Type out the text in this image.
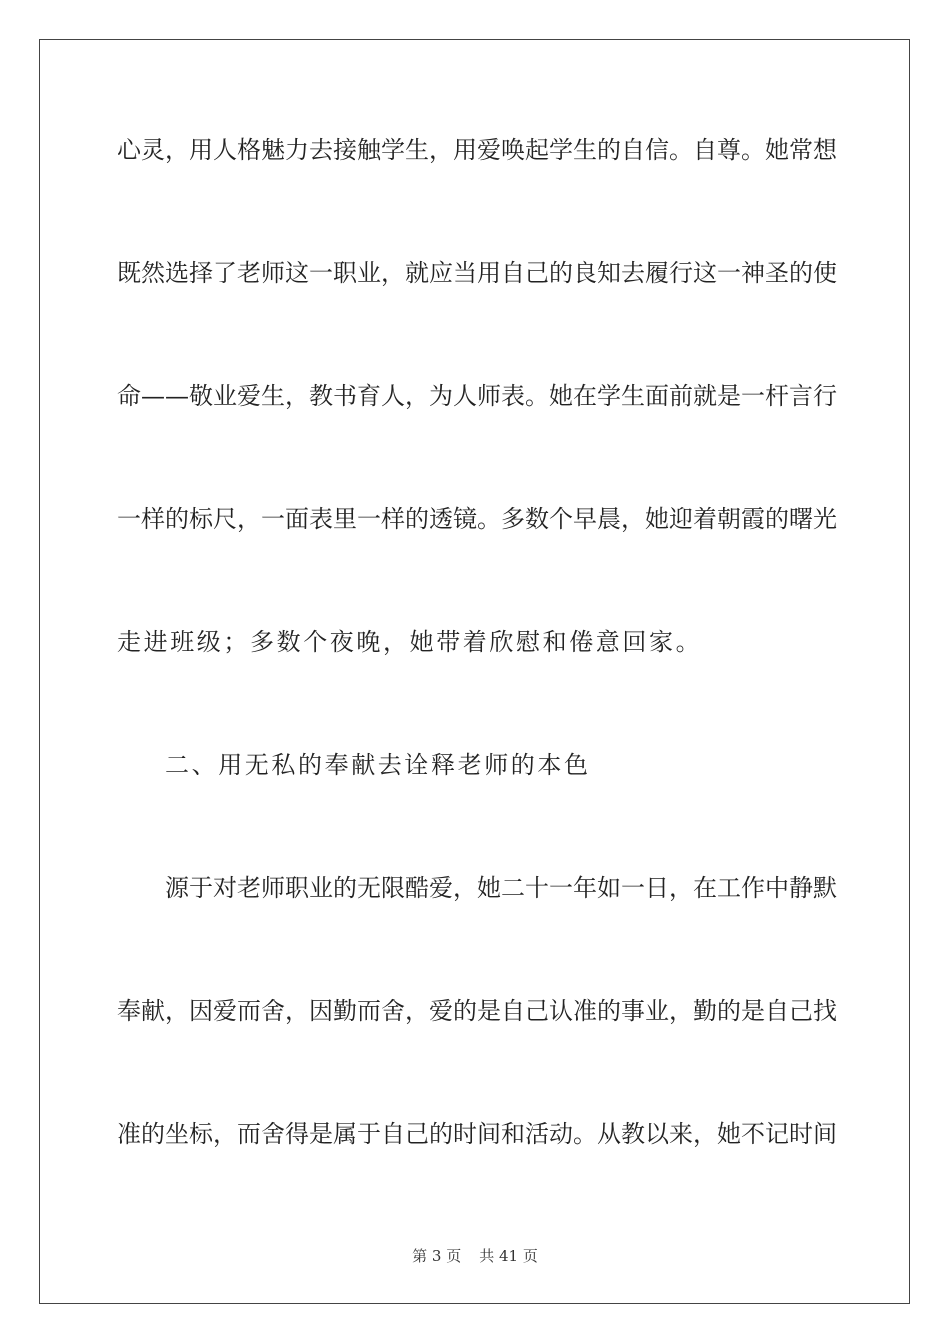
心灵，用人格魅力去接触学生，用爱唤起学生的自信。自尊。她常想
既然选择了老师这一职业，就应当用自己的良知去履行这一神圣的使
命——敬业爱生，教书育人，为人师表。她在学生面前就是一杆言行
一样的标尺，一面表里一样的透镜。多数个早晨，她迎着朝霞的曙光
走进班级；多数个夜晚，她带着欣慰和倦意回家。
二、用无私的奉献去诠释老师的本色
源于对老师职业的无限酷爱，她二十一年如一日，在工作中静默
奉献，因爱而舍，因勤而舍，爱的是自己认准的事业，勤的是自己找
准的坐标，而舍得是属于自己的时间和活动。从教以来，她不记时间
第 3 页 共 41 页
